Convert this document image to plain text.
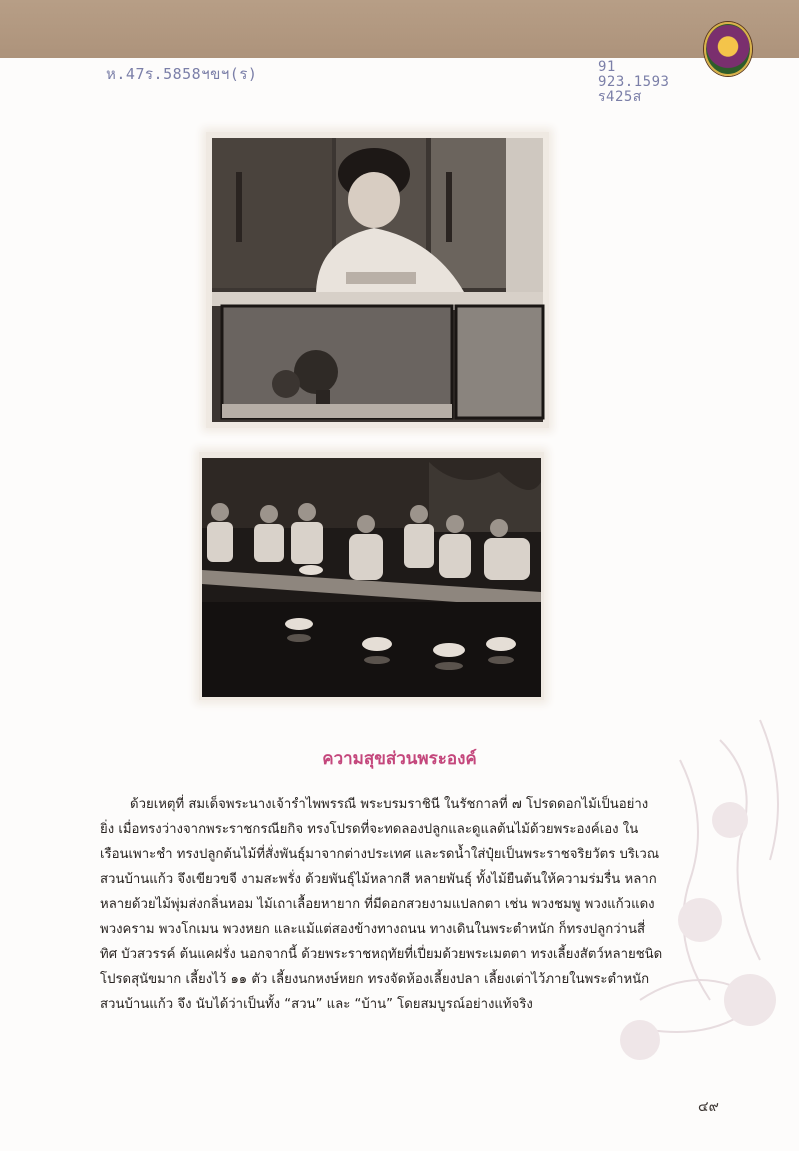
ห.47ร.5858ฯขฯ(ร)	91
923.1593
ร425ส
ความสุขส่วนพระองค์
ด้วยเหตุที่ สมเด็จพระนางเจ้ารำไพพรรณี พระบรมราชินี ในรัชกาลที่ ๗ โปรดดอกไม้เป็นอย่าง
ยิ่ง เมื่อทรงว่างจากพระราชกรณียกิจ ทรงโปรดที่จะทดลองปลูกและดูแลต้นไม้ด้วยพระองค์เอง ใน
เรือนเพาะชำ ทรงปลูกต้นไม้ที่สั่งพันธุ์มาจากต่างประเทศ และรดน้ำใส่ปุ๋ยเป็นพระราชจริยวัตร บริเวณ
สวนบ้านแก้ว จึงเขียวขจี งามสะพรั่ง ด้วยพันธุ์ไม้หลากสี หลายพันธุ์ ทั้งไม้ยืนต้นให้ความร่มรื่น หลาก
หลายด้วยไม้พุ่มส่งกลิ่นหอม ไม้เถาเลื้อยหายาก ที่มีดอกสวยงามแปลกตา เช่น พวงชมพู พวงแก้วแดง
พวงคราม พวงโกเมน พวงหยก และแม้แต่สองข้างทางถนน ทางเดินในพระตำหนัก ก็ทรงปลูกว่านสี่
ทิศ บัวสวรรค์ ต้นแคฝรั่ง นอกจากนี้ ด้วยพระราชหฤทัยที่เปี่ยมด้วยพระเมตตา ทรงเลี้ยงสัตว์หลายชนิด
โปรดสุนัขมาก เลี้ยงไว้ ๑๑ ตัว เลี้ยงนกหงษ์หยก ทรงจัดห้องเลี้ยงปลา เลี้ยงเต่าไว้ภายในพระตำหนัก
สวนบ้านแก้ว จึง นับได้ว่าเป็นทั้ง “สวน” และ “บ้าน” โดยสมบูรณ์อย่างแท้จริง
๔๙
